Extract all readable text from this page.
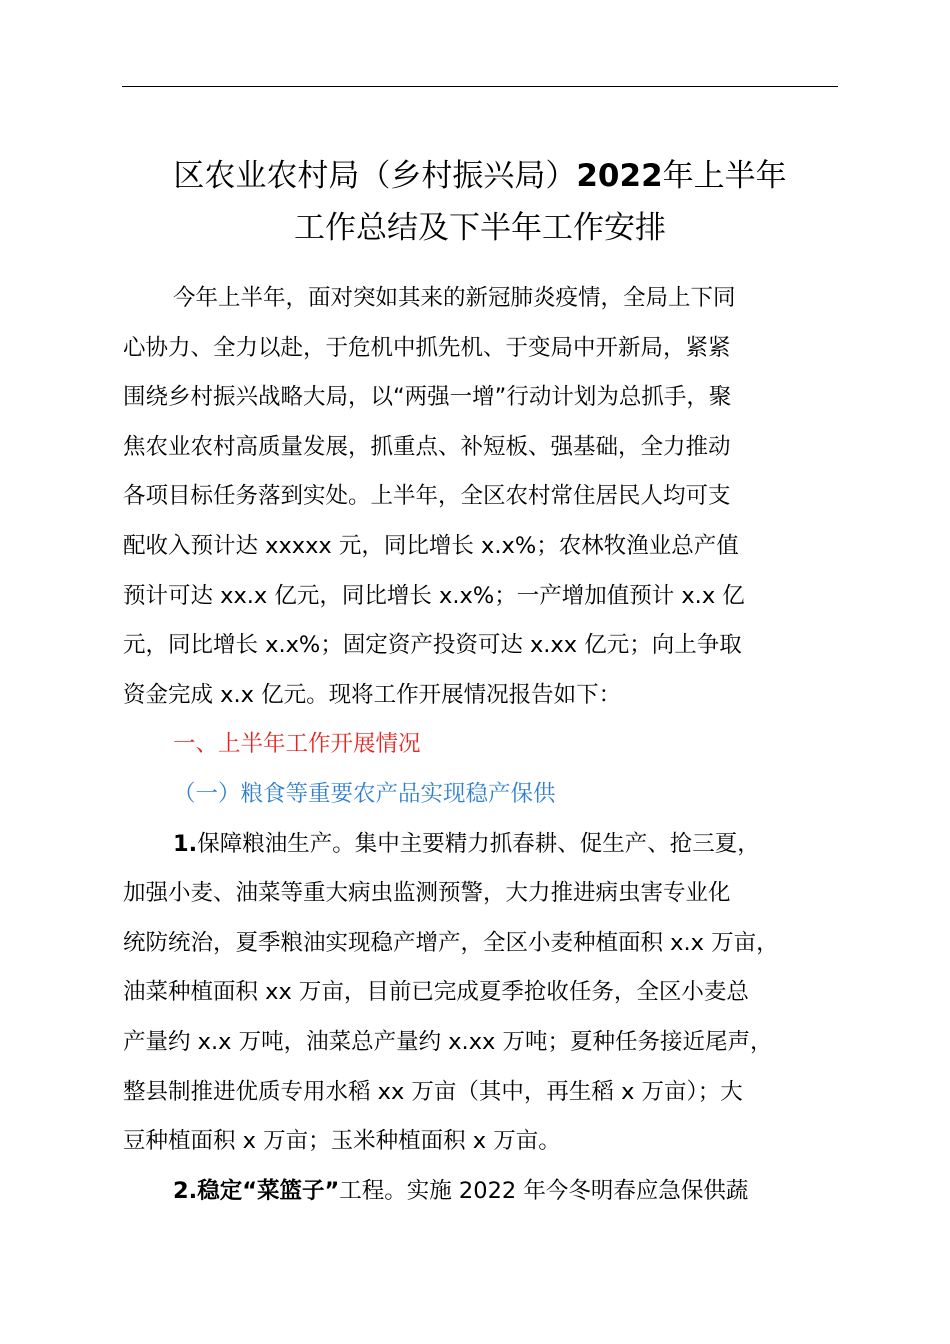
区农业农村局（乡村振兴局）2022年上半年
工作总结及下半年工作安排
今年上半年，面对突如其来的新冠肺炎疫情，全局上下同
心协力、全力以赴，于危机中抓先机、于变局中开新局，紧紧
围绕乡村振兴战略大局，以“两强一增”行动计划为总抓手，聚
焦农业农村高质量发展，抓重点、补短板、强基础，全力推动
各项目标任务落到实处。上半年，全区农村常住居民人均可支
配收入预计达 xxxxx 元，同比增长 x.x%；农林牧渔业总产值
预计可达 xx.x 亿元，同比增长 x.x%；一产增加值预计 x.x 亿
元，同比增长 x.x%；固定资产投资可达 x.xx 亿元；向上争取
资金完成 x.x 亿元。现将工作开展情况报告如下：
一、上半年工作开展情况
（一）粮食等重要农产品实现稳产保供
1.保障粮油生产。集中主要精力抓春耕、促生产、抢三夏，
加强小麦、油菜等重大病虫监测预警，大力推进病虫害专业化
统防统治，夏季粮油实现稳产增产，全区小麦种植面积 x.x 万亩，
油菜种植面积 xx 万亩，目前已完成夏季抢收任务，全区小麦总
产量约 x.x 万吨，油菜总产量约 x.xx 万吨；夏种任务接近尾声，
整县制推进优质专用水稻 xx 万亩（其中，再生稻 x 万亩）；大
豆种植面积 x 万亩；玉米种植面积 x 万亩。
2.稳定“菜篮子”工程。实施 2022 年今冬明春应急保供蔬
